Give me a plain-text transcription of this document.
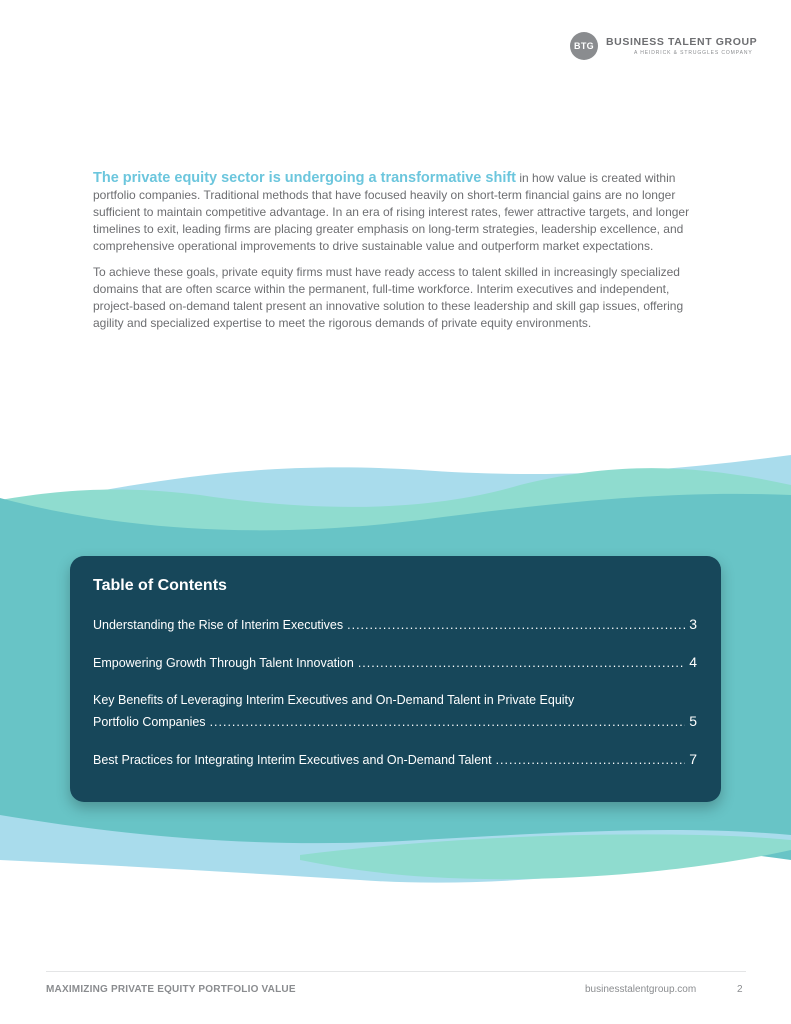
BTG	BUSINESS TALENT GROUP
A HEIDRICK & STRUGGLES COMPANY

The private equity sector is undergoing a transformative shift in how value is created within portfolio companies. Traditional methods that have focused heavily on short-term financial gains are no longer sufficient to maintain competitive advantage. In an era of rising interest rates, fewer attractive targets, and longer timelines to exit, leading firms are placing greater emphasis on long-term strategies, leadership excellence, and comprehensive operational improvements to drive sustainable value and outperform market expectations.

To achieve these goals, private equity firms must have ready access to talent skilled in increasingly specialized domains that are often scarce within the permanent, full-time workforce. Interim executives and independent, project-based on-demand talent present an innovative solution to these leadership and skill gap issues, offering agility and specialized expertise to meet the rigorous demands of private equity environments.

Table of Contents
Understanding the Rise of Interim Executives .....	3
Empowering Growth Through Talent Innovation .....	4
Key Benefits of Leveraging Interim Executives and On-Demand Talent in Private Equity
Portfolio Companies .....	5
Best Practices for Integrating Interim Executives and On-Demand Talent .....	7
MAXIMIZING PRIVATE EQUITY PORTFOLIO VALUE	businesstalentgroup.com	2
